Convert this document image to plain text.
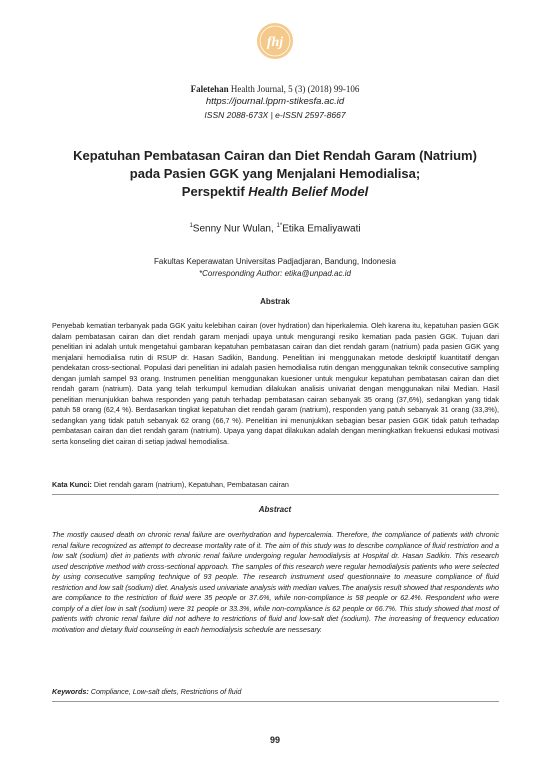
fhj
Faletehan Health Journal, 5 (3) (2018) 99-106
https://journal.lppm-stikesfa.ac.id
ISSN 2088-673X | e-ISSN 2597-8667
Kepatuhan Pembatasan Cairan dan Diet Rendah Garam (Natrium)
pada Pasien GGK yang Menjalani Hemodialisa;
Perspektif Health Belief Model
$^1$Senny Nur Wulan, $^{1*}$Etika Emaliyawati
Fakultas Keperawatan Universitas Padjadjaran, Bandung, Indonesia
*Corresponding Author: etika@unpad.ac.id
Abstrak

Penyebab kematian terbanyak pada GGK yaitu kelebihan cairan (over hydration) dan hiperkalemia. Oleh karena itu, kepatuhan pasien GGK dalam pembatasan cairan dan diet rendah garam menjadi upaya untuk mengurangi resiko kematian pada pasien GGK. Tujuan dari penelitian ini adalah untuk mengetahui gambaran kepatuhan pembatasan cairan dan diet rendah garam (natrium) pada pasien GGK yang menjalani hemodialisa rutin di RSUP dr. Hasan Sadikin, Bandung. Penelitian ini menggunakan metode deskriptif kuantitatif dengan pendekatan cross-sectional. Populasi dari penelitian ini adalah pasien hemodialisa rutin dengan menggunakan teknik consecutive sampling dengan jumlah sampel 93 orang. Instrumen penelitian menggunakan kuesioner untuk mengukur kepatuhan pembatasan cairan dan diet rendah garam (natrium). Data yang telah terkumpul kemudian dilakukan analisis univariat dengan menggunakan nilai Median. Hasil penelitian menunjukkan bahwa responden yang patuh terhadap pembatasan cairan sebanyak 35 orang (37,6%), sedangkan yang tidak patuh 58 orang (62,4 %). Berdasarkan tingkat kepatuhan diet rendah garam (natrium), responden yang patuh sebanyak 31 orang (33,3%), sedangkan yang tidak patuh sebanyak 62 orang (66,7 %). Penelitian ini menunjukkan sebagian besar pasien GGK tidak patuh terhadap pembatasan cairan dan diet rendah garam (natrium). Upaya yang dapat dilakukan adalah dengan meningkatkan frekuensi edukasi motivasi serta konseling diet cairan di setiap jadwal hemodialisa.

Kata Kunci: Diet rendah garam (natrium), Kepatuhan, Pembatasan cairan
Abstract

The mostly caused death on chronic renal failure are overhydration and hypercalemia. Therefore, the compliance of patients with chronic renal failure recognized as attempt to decrease mortality rate of it. The aim of this study was to describe compliance of fluid restriction and a low salt (sodium) diet in patients with chronic renal failure undergoing regular hemodialysis at Hospital dr. Hasan Sadikin. This research used descriptive method with cross-sectional approach. The samples of this research were regular hemodialysis patients who were selected by using consecutive sampling technique of 93 people. The research instrument used questionnaire to measure compliance of fluid restriction and low salt (sodium) diet. Analysis used univariate analysis with median values.The analysis result showed that respondents who are compliance to the restriction of fluid were 35 people or 37.6%, while non-compliance is 58 people or 62.4%. Respondent who were comply of a diet low in salt (sodium) were 31 people or 33.3%, while non-compliance is 62 people or 66.7%. This study showed that most of patients with chronic renal failure did not adhere to restrictions of fluid and low-salt diet (sodium). The increasing of frequency education motivation and dietary fluid counseling in each hemodialysis schedule are nessesary.

Keywords: Compliance, Low-salt diets, Restrictions of fluid
99
